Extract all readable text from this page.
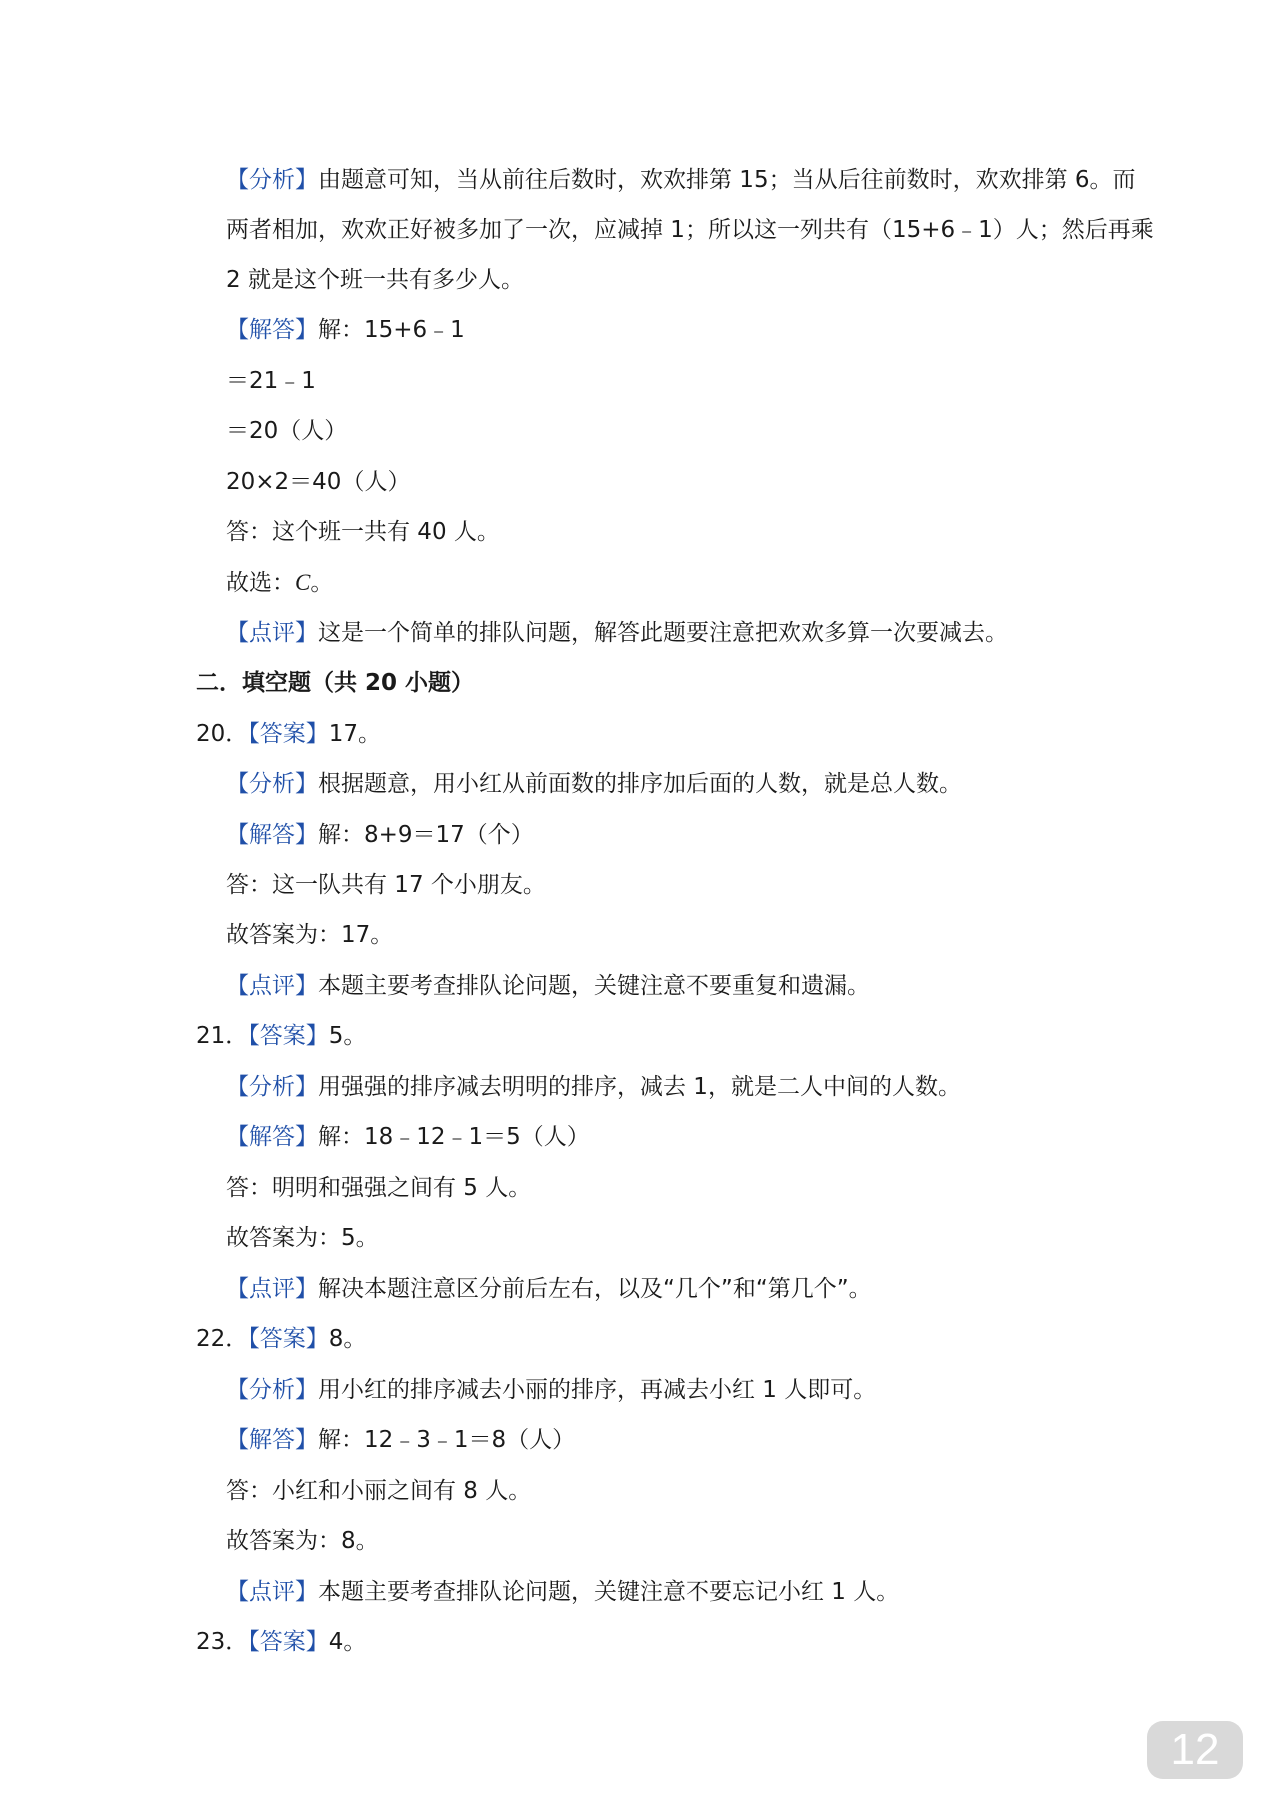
【分析】由题意可知，当从前往后数时，欢欢排第 15；当从后往前数时，欢欢排第 6。而
两者相加，欢欢正好被多加了一次，应减掉 1；所以这一列共有（15+6﹣1）人；然后再乘
2 就是这个班一共有多少人。
【解答】解：15+6﹣1
＝21﹣1
＝20（人）
20×2＝40（人）
答：这个班一共有 40 人。
故选：C。
【点评】这是一个简单的排队问题，解答此题要注意把欢欢多算一次要减去。
二．填空题（共 20 小题）
20．【答案】17。
【分析】根据题意，用小红从前面数的排序加后面的人数，就是总人数。
【解答】解：8+9＝17（个）
答：这一队共有 17 个小朋友。
故答案为：17。
【点评】本题主要考查排队论问题，关键注意不要重复和遗漏。
21．【答案】5。
【分析】用强强的排序减去明明的排序，减去 1，就是二人中间的人数。
【解答】解：18﹣12﹣1＝5（人）
答：明明和强强之间有 5 人。
故答案为：5。
【点评】解决本题注意区分前后左右，以及“几个”和“第几个”。
22．【答案】8。
【分析】用小红的排序减去小丽的排序，再减去小红 1 人即可。
【解答】解：12﹣3﹣1＝8（人）
答：小红和小丽之间有 8 人。
故答案为：8。
【点评】本题主要考查排队论问题，关键注意不要忘记小红 1 人。
23．【答案】4。
12
